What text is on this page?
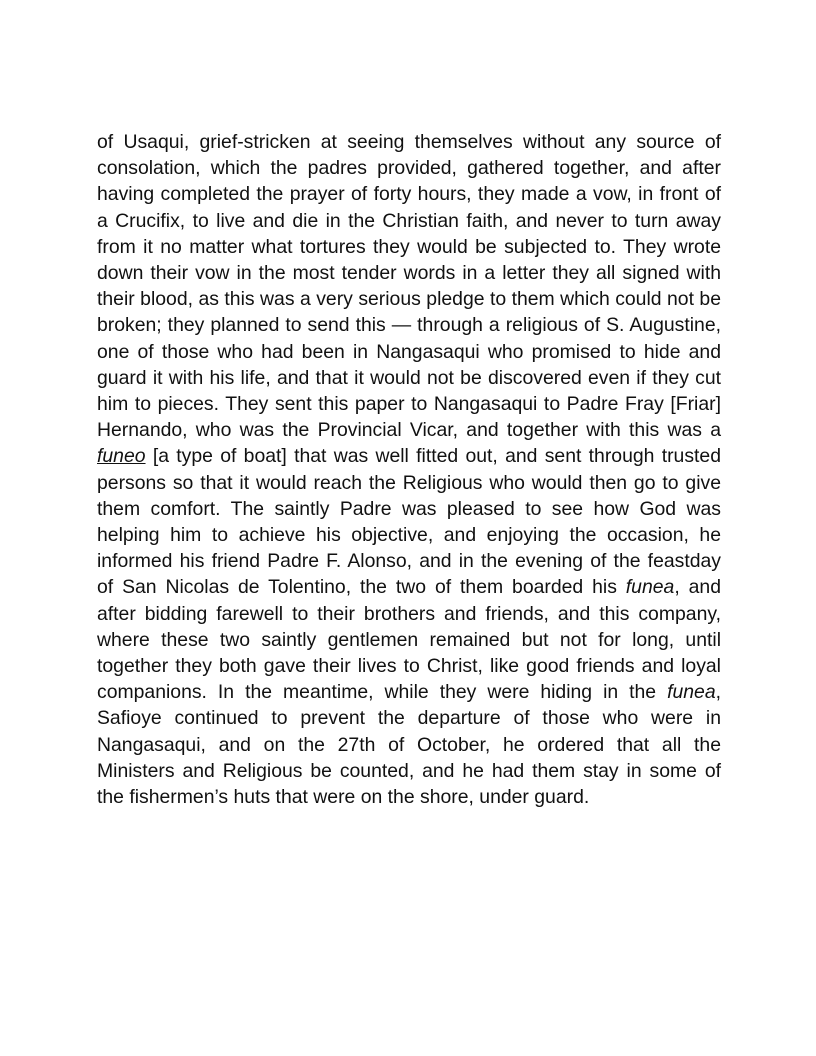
of Usaqui, grief-stricken at seeing themselves without any source of consolation, which the padres provided, gathered together, and after having completed the prayer of forty hours, they made a vow, in front of a Crucifix, to live and die in the Christian faith, and never to turn away from it no matter what tortures they would be subjected to. They wrote down their vow in the most tender words in a letter they all signed with their blood, as this was a very serious pledge to them which could not be broken; they planned to send this — through a religious of S. Augustine, one of those who had been in Nangasaqui who promised to hide and guard it with his life, and that it would not be discovered even if they cut him to pieces. They sent this paper to Nangasaqui to Padre Fray [Friar] Hernando, who was the Provincial Vicar, and together with this was a funeo [a type of boat] that was well fitted out, and sent through trusted persons so that it would reach the Religious who would then go to give them comfort. The saintly Padre was pleased to see how God was helping him to achieve his objective, and enjoying the occasion, he informed his friend Padre F. Alonso, and in the evening of the feastday of San Nicolas de Tolentino, the two of them boarded his funea, and after bidding farewell to their brothers and friends, and this company, where these two saintly gentlemen remained but not for long, until together they both gave their lives to Christ, like good friends and loyal companions. In the meantime, while they were hiding in the funea, Safioye continued to prevent the departure of those who were in Nangasaqui, and on the 27th of October, he ordered that all the Ministers and Religious be counted, and he had them stay in some of the fishermen’s huts that were on the shore, under guard.
